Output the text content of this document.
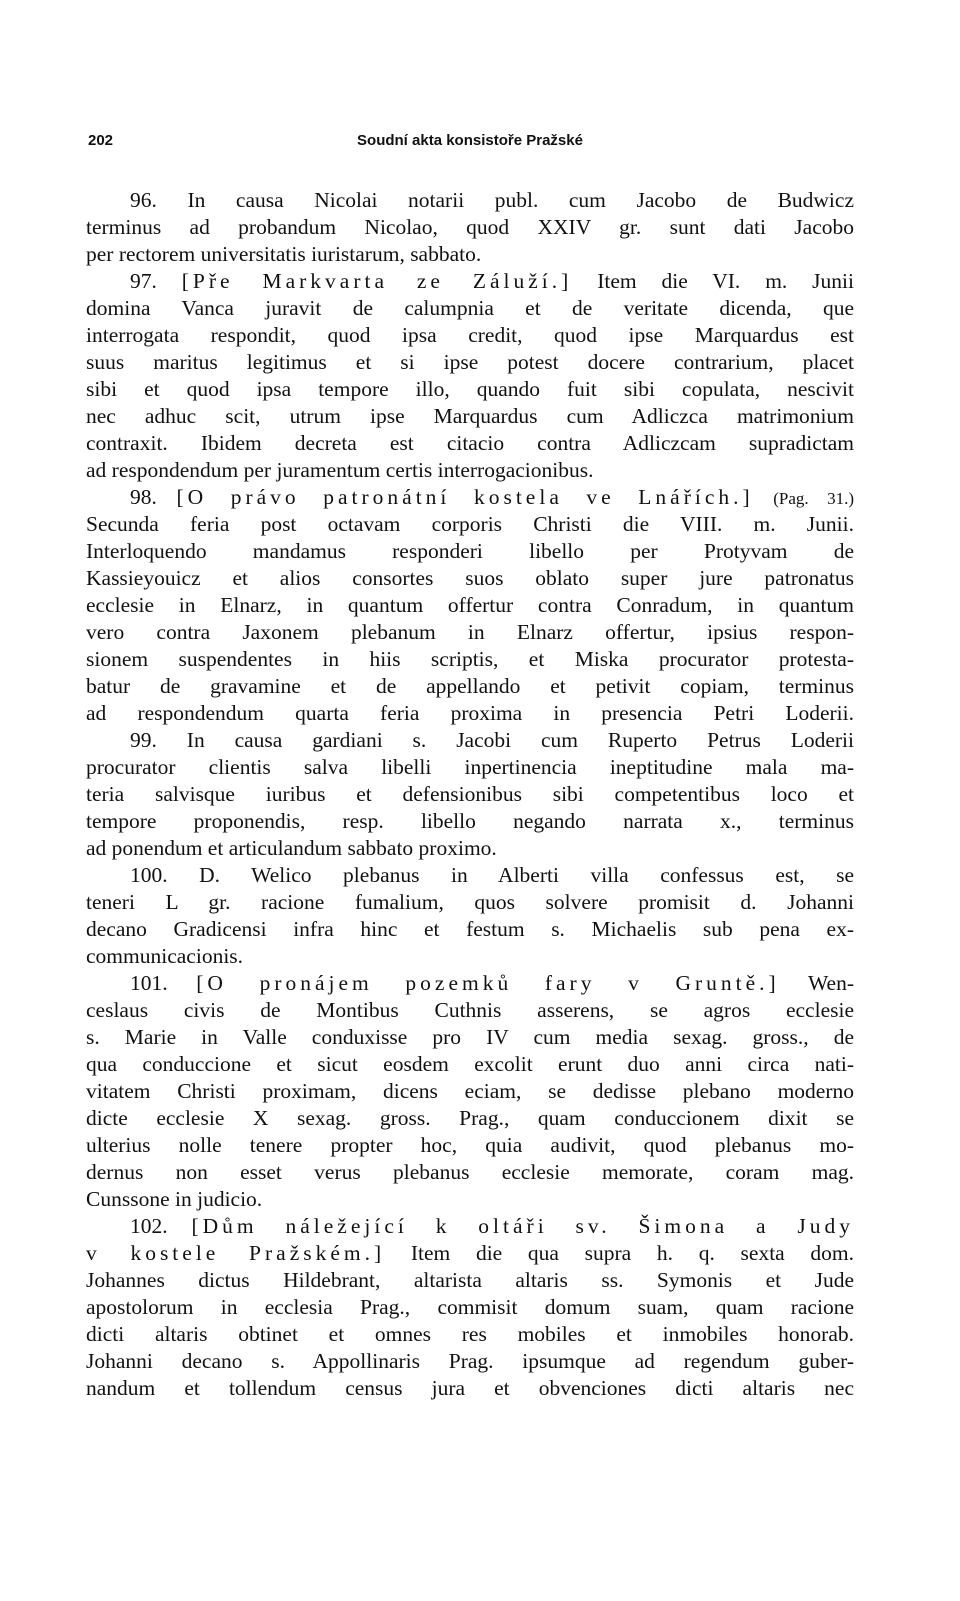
202	Soudní akta konsistoře Pražské
96. In causa Nicolai notarii publ. cum Jacobo de Budwicz
terminus ad probandum Nicolao, quod XXIV gr. sunt dati Jacobo
per rectorem universitatis iuristarum, sabbato.
97. [Pře Markvarta ze Záluží.] Item die VI. m. Junii
domina Vanca juravit de calumpnia et de veritate dicenda, que
interrogata respondit, quod ipsa credit, quod ipse Marquardus est
suus maritus legitimus et si ipse potest docere contrarium, placet
sibi et quod ipsa tempore illo, quando fuit sibi copulata, nescivit
nec adhuc scit, utrum ipse Marquardus cum Adliczca matrimonium
contraxit. Ibidem decreta est citacio contra Adliczcam supradictam
ad respondendum per juramentum certis interrogacionibus.
98. [O právo patronátní kostela ve Lnářích.] (Pag. 31.)
Secunda feria post octavam corporis Christi die VIII. m. Junii.
Interloquendo mandamus responderi libello per Protyvam de
Kassieyouicz et alios consortes suos oblato super jure patronatus
ecclesie in Elnarz, in quantum offertur contra Conradum, in quantum
vero contra Jaxonem plebanum in Elnarz offertur, ipsius respon-
sionem suspendentes in hiis scriptis, et Miska procurator protesta-
batur de gravamine et de appellando et petivit copiam, terminus
ad respondendum quarta feria proxima in presencia Petri Loderii.
99. In causa gardiani s. Jacobi cum Ruperto Petrus Loderii
procurator clientis salva libelli inpertinencia ineptitudine mala ma-
teria salvisque iuribus et defensionibus sibi competentibus loco et
tempore proponendis, resp. libello negando narrata x., terminus
ad ponendum et articulandum sabbato proximo.
100. D. Welico plebanus in Alberti villa confessus est, se
teneri L gr. racione fumalium, quos solvere promisit d. Johanni
decano Gradicensi infra hinc et festum s. Michaelis sub pena ex-
communicacionis.
101. [O pronájem pozemků fary v Gruntě.] Wen-
ceslaus civis de Montibus Cuthnis asserens, se agros ecclesie
s. Marie in Valle conduxisse pro IV cum media sexag. gross., de
qua conduccione et sicut eosdem excolit erunt duo anni circa nati-
vitatem Christi proximam, dicens eciam, se dedisse plebano moderno
dicte ecclesie X sexag. gross. Prag., quam conduccionem dixit se
ulterius nolle tenere propter hoc, quia audivit, quod plebanus mo-
dernus non esset verus plebanus ecclesie memorate, coram mag.
Cunssone in judicio.
102. [Dům náležející k oltáři sv. Šimona a Judy
v kostele Pražském.] Item die qua supra h. q. sexta dom.
Johannes dictus Hildebrant, altarista altaris ss. Symonis et Jude
apostolorum in ecclesia Prag., commisit domum suam, quam racione
dicti altaris obtinet et omnes res mobiles et inmobiles honorab.
Johanni decano s. Appollinaris Prag. ipsumque ad regendum guber-
nandum et tollendum census jura et obvenciones dicti altaris nec
